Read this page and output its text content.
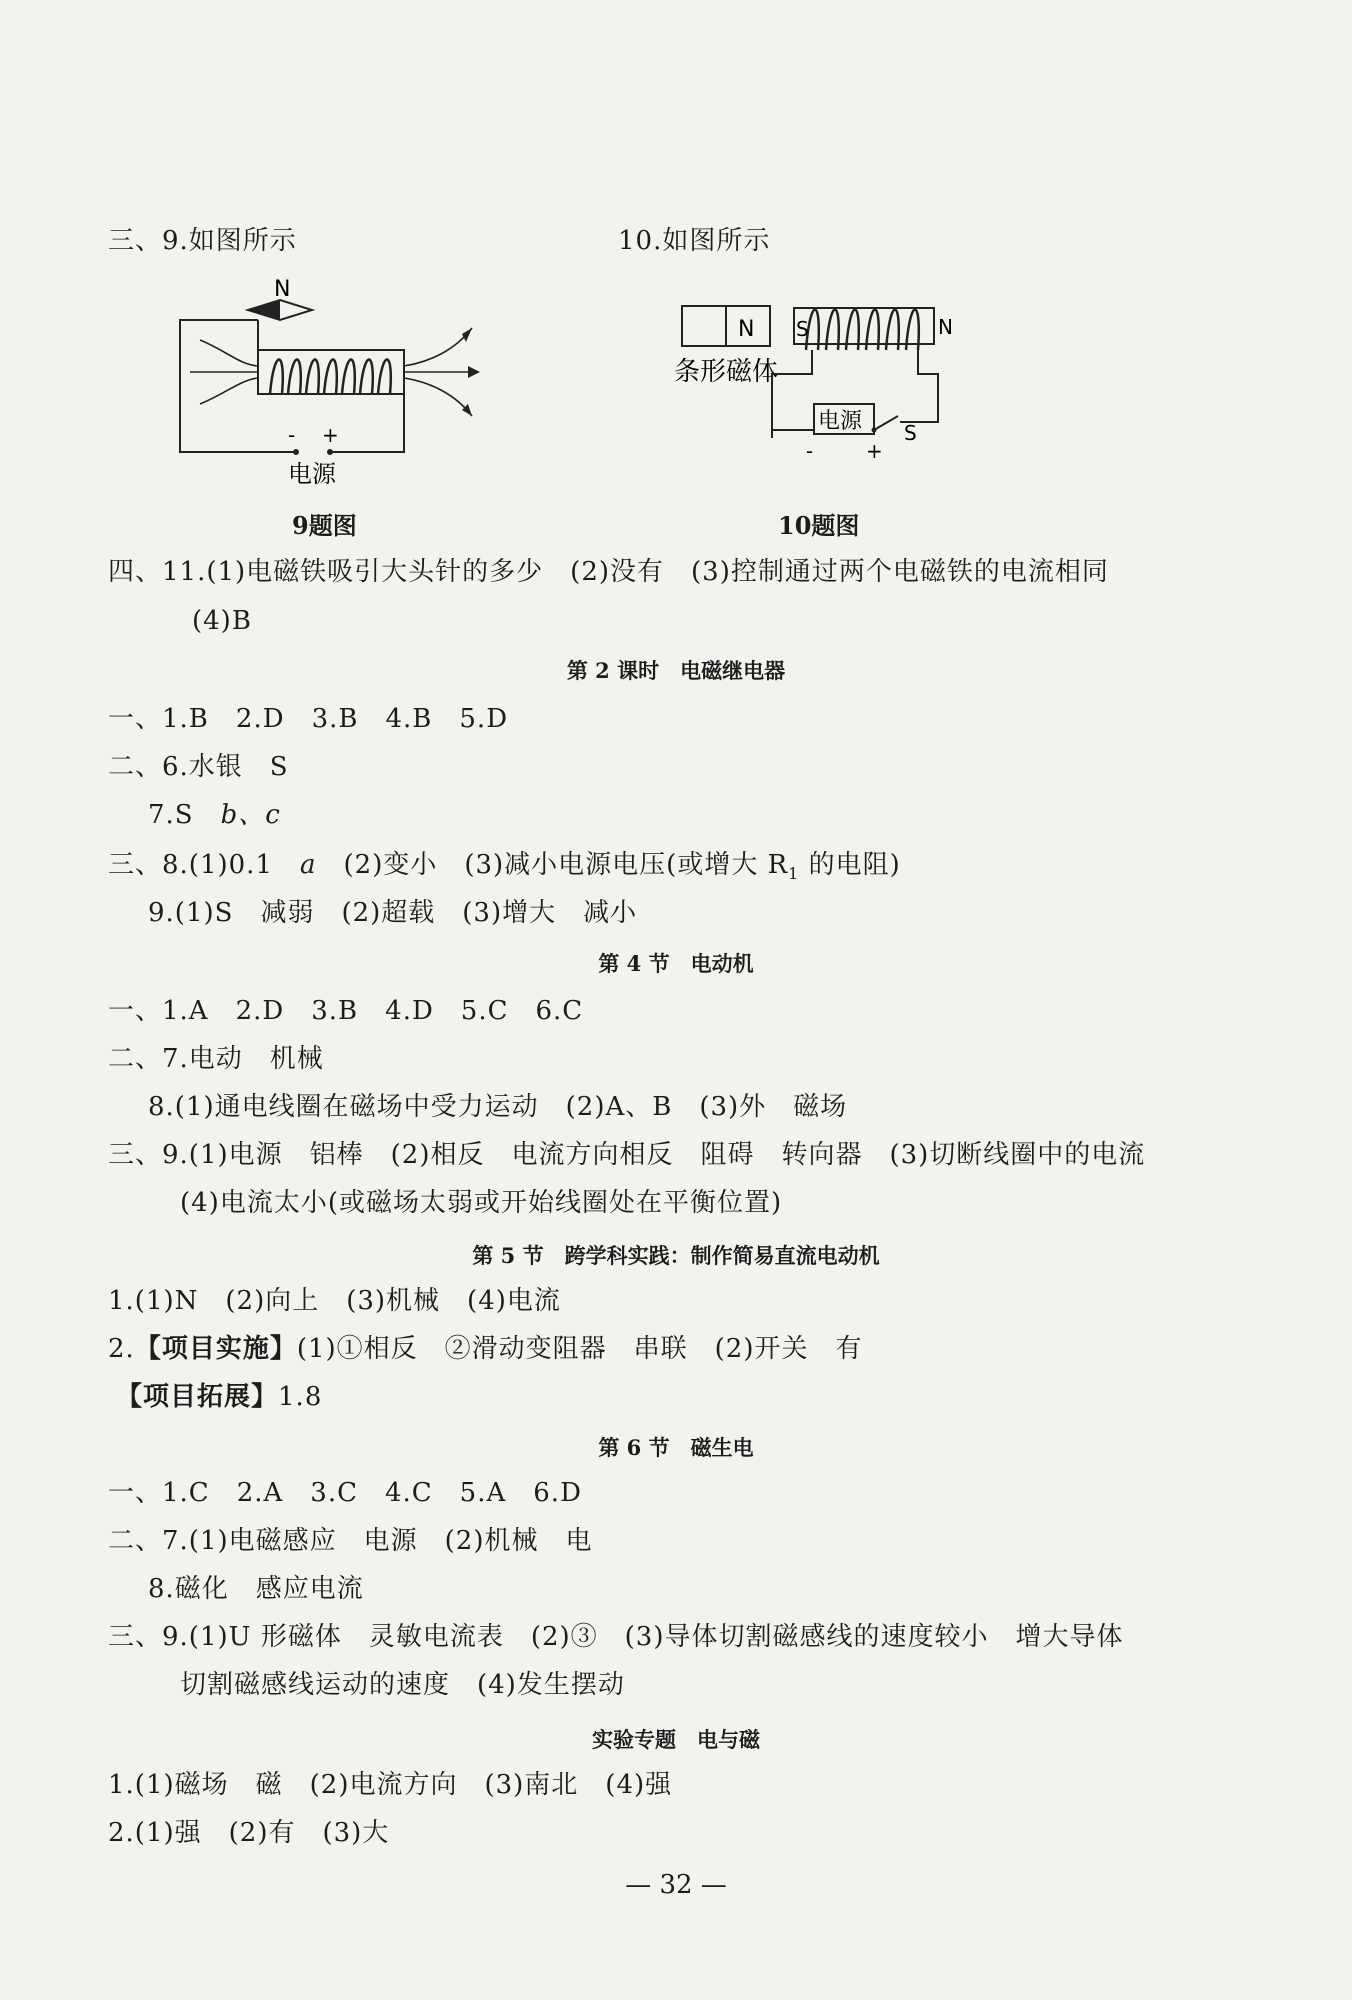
三、9.如图所示	10.如图所示
N
- +
电源
9题图
N
条形磁体
S	N
电源 S
-	+
10题图
四、11.(1)电磁铁吸引大头针的多少　(2)没有　(3)控制通过两个电磁铁的电流相同
(4)B
第 2 课时　电磁继电器
一、1.B　2.D　3.B　4.B　5.D
二、6.水银　S
7.S　b、c
三、8.(1)0.1　a　(2)变小　(3)减小电源电压(或增大 $R_1$ 的电阻)
9.(1)S　减弱　(2)超载　(3)增大　减小
第 4 节　电动机
一、1.A　2.D　3.B　4.D　5.C　6.C
二、7.电动　机械
8.(1)通电线圈在磁场中受力运动　(2)A、B　(3)外　磁场
三、9.(1)电源　铝棒　(2)相反　电流方向相反　阻碍　转向器　(3)切断线圈中的电流
(4)电流太小(或磁场太弱或开始线圈处在平衡位置)
第 5 节　跨学科实践：制作简易直流电动机
1.(1)N　(2)向上　(3)机械　(4)电流
2.【项目实施】(1)①相反　②滑动变阻器　串联　(2)开关　有
【项目拓展】1.8
第 6 节　磁生电
一、1.C　2.A　3.C　4.C　5.A　6.D
二、7.(1)电磁感应　电源　(2)机械　电
8.磁化　感应电流
三、9.(1)U 形磁体　灵敏电流表　(2)③　(3)导体切割磁感线的速度较小　增大导体
切割磁感线运动的速度　(4)发生摆动
实验专题　电与磁
1.(1)磁场　磁　(2)电流方向　(3)南北　(4)强
2.(1)强　(2)有　(3)大
— 32 —
